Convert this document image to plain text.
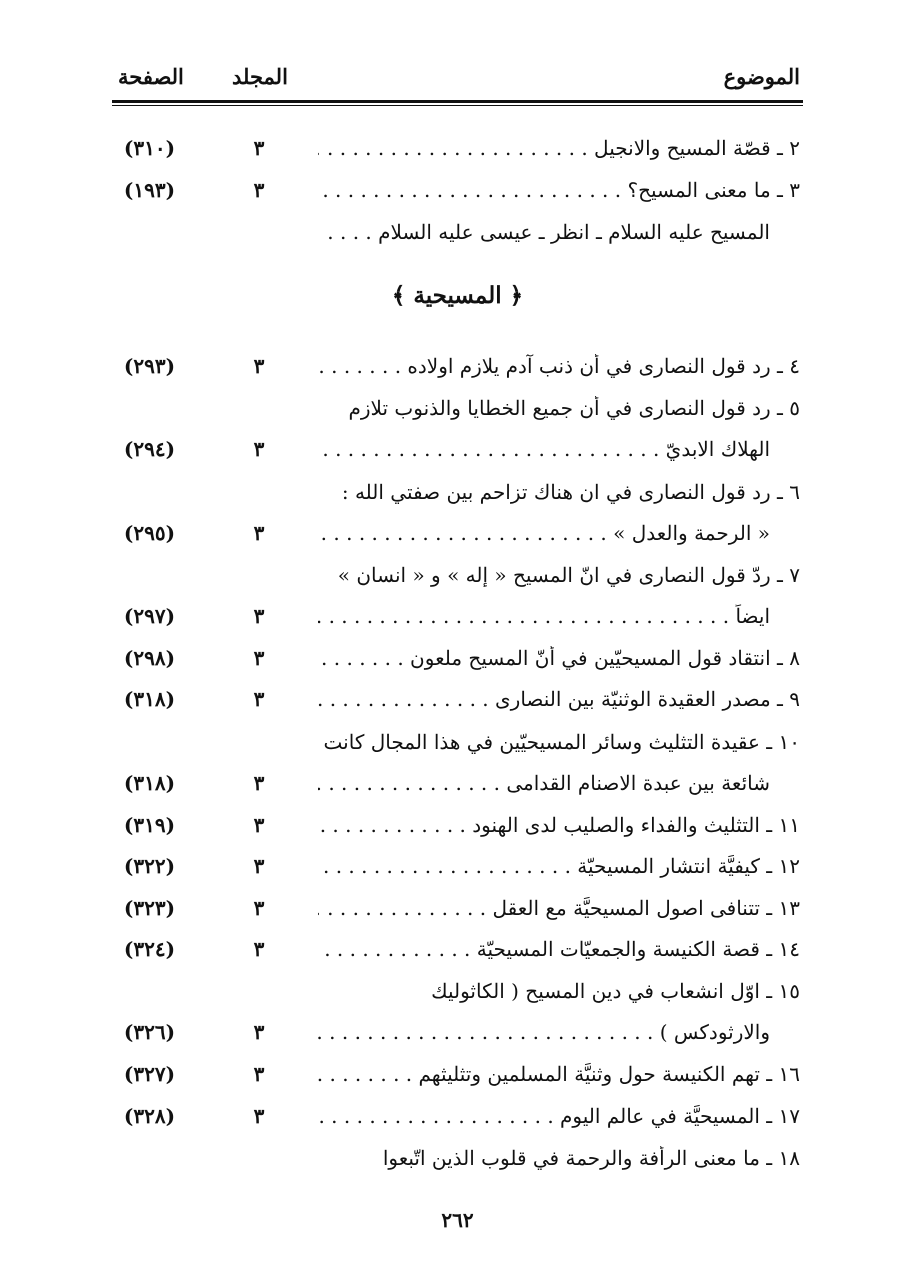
الموضوع
المجلد
الصفحة
٢ ـ قصّة المسيح والانجيل . . .
٣
(٣١٠)
٣ ـ ما معنى المسيح؟ . . .
٣
(١٩٣)
المسيح عليه السلام ـ انظر ـ عيسى عليه السلام . . . .
﴿ المسيحية ﴾
٤ ـ رد قول النصارى في أن ذنب آدم يلازم اولاده . . .
٣
(٢٩٣)
٥ ـ رد قول النصارى في أن جميع الخطايا والذنوب تلازم
الهلاك الابديّ . . .
٣
(٢٩٤)
٦ ـ رد قول النصارى في ان هناك تزاحم بين صفتي الله :
« الرحمة والعدل » . . .
٣
(٢٩٥)
٧ ـ ردّ قول النصارى في انّ المسيح « إله » و « انسان »
ايضاً . . .
٣
(٢٩٧)
٨ ـ انتقاد قول المسيحيّين في أنّ المسيح ملعون . . .
٣
(٢٩٨)
٩ ـ مصدر العقيدة الوثنيّة بين النصارى . . .
٣
(٣١٨)
١٠ ـ عقيدة التثليث وسائر المسيحيّين في هذا المجال كانت
شائعة بين عبدة الاصنام القدامى . . .
٣
(٣١٨)
١١ ـ التثليث والفداء والصليب لدى الهنود . . .
٣
(٣١٩)
١٢ ـ كيفيَّة انتشار المسيحيّة . . .
٣
(٣٢٢)
١٣ ـ تتنافى اصول المسيحيَّة مع العقل . . .
٣
(٣٢٣)
١٤ ـ قصة الكنيسة والجمعيّات المسيحيّة . . .
٣
(٣٢٤)
١٥ ـ اوّل انشعاب في دين المسيح ( الكاثوليك
والارثودكس ) . . .
٣
(٣٢٦)
١٦ ـ تهم الكنيسة حول وثنيَّة المسلمين وتثليثهم . . .
٣
(٣٢٧)
١٧ ـ المسيحيَّة في عالم اليوم . . .
٣
(٣٢٨)
١٨ ـ ما معنى الرأفة والرحمة في قلوب الذين اتّبعوا
٢٦٢
